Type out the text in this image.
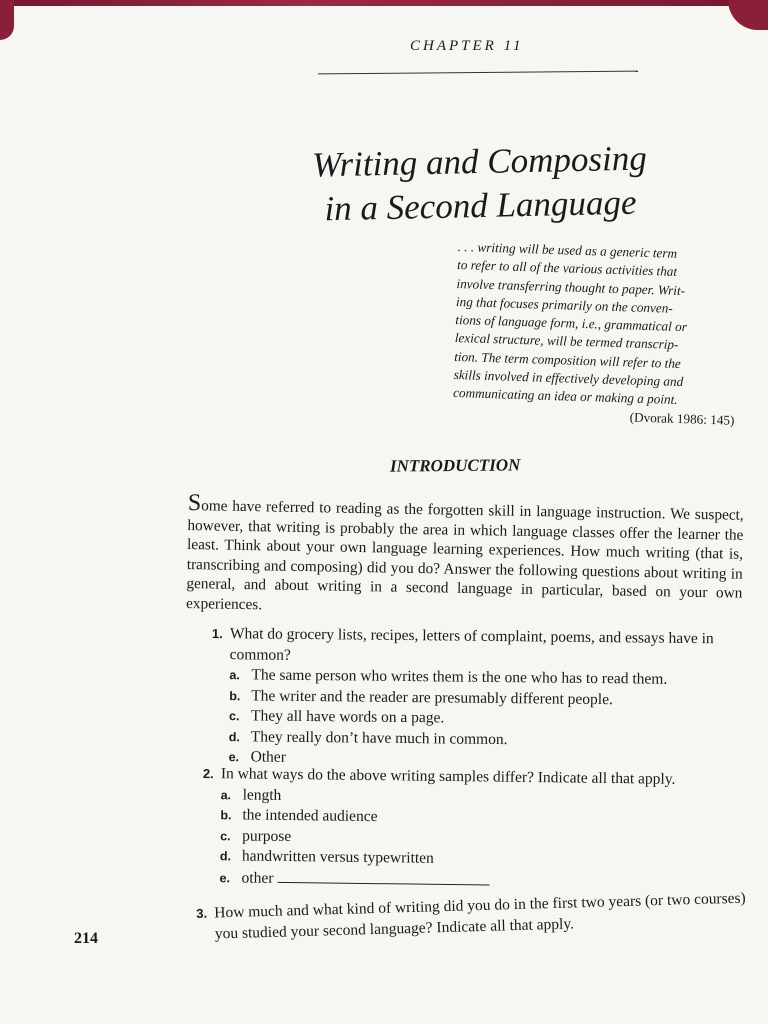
CHAPTER 11
Writing and Composing
in a Second Language
. . . writing will be used as a generic term
to refer to all of the various activities that
involve transferring thought to paper. Writ-
ing that focuses primarily on the conven-
tions of language form, i.e., grammatical or
lexical structure, will be termed transcrip-
tion. The term composition will refer to the
skills involved in effectively developing and
communicating an idea or making a point.
(Dvorak 1986: 145)
INTRODUCTION
Some have referred to reading as the forgotten skill in language instruction. We suspect, however, that writing is probably the area in which language classes offer the learner the least. Think about your own language learning experiences. How much writing (that is, transcribing and composing) did you do? Answer the following questions about writing in general, and about writing in a second language in particular, based on your own experiences.
1. What do grocery lists, recipes, letters of complaint, poems, and essays have in common?
a. The same person who writes them is the one who has to read them.
b. The writer and the reader are presumably different people.
c. They all have words on a page.
d. They really don’t have much in common.
e. Other
2. In what ways do the above writing samples differ? Indicate all that apply.
a. length
b. the intended audience
c. purpose
d. handwritten versus typewritten
e. other
3. How much and what kind of writing did you do in the first two years (or two courses) you studied your second language? Indicate all that apply.
214
